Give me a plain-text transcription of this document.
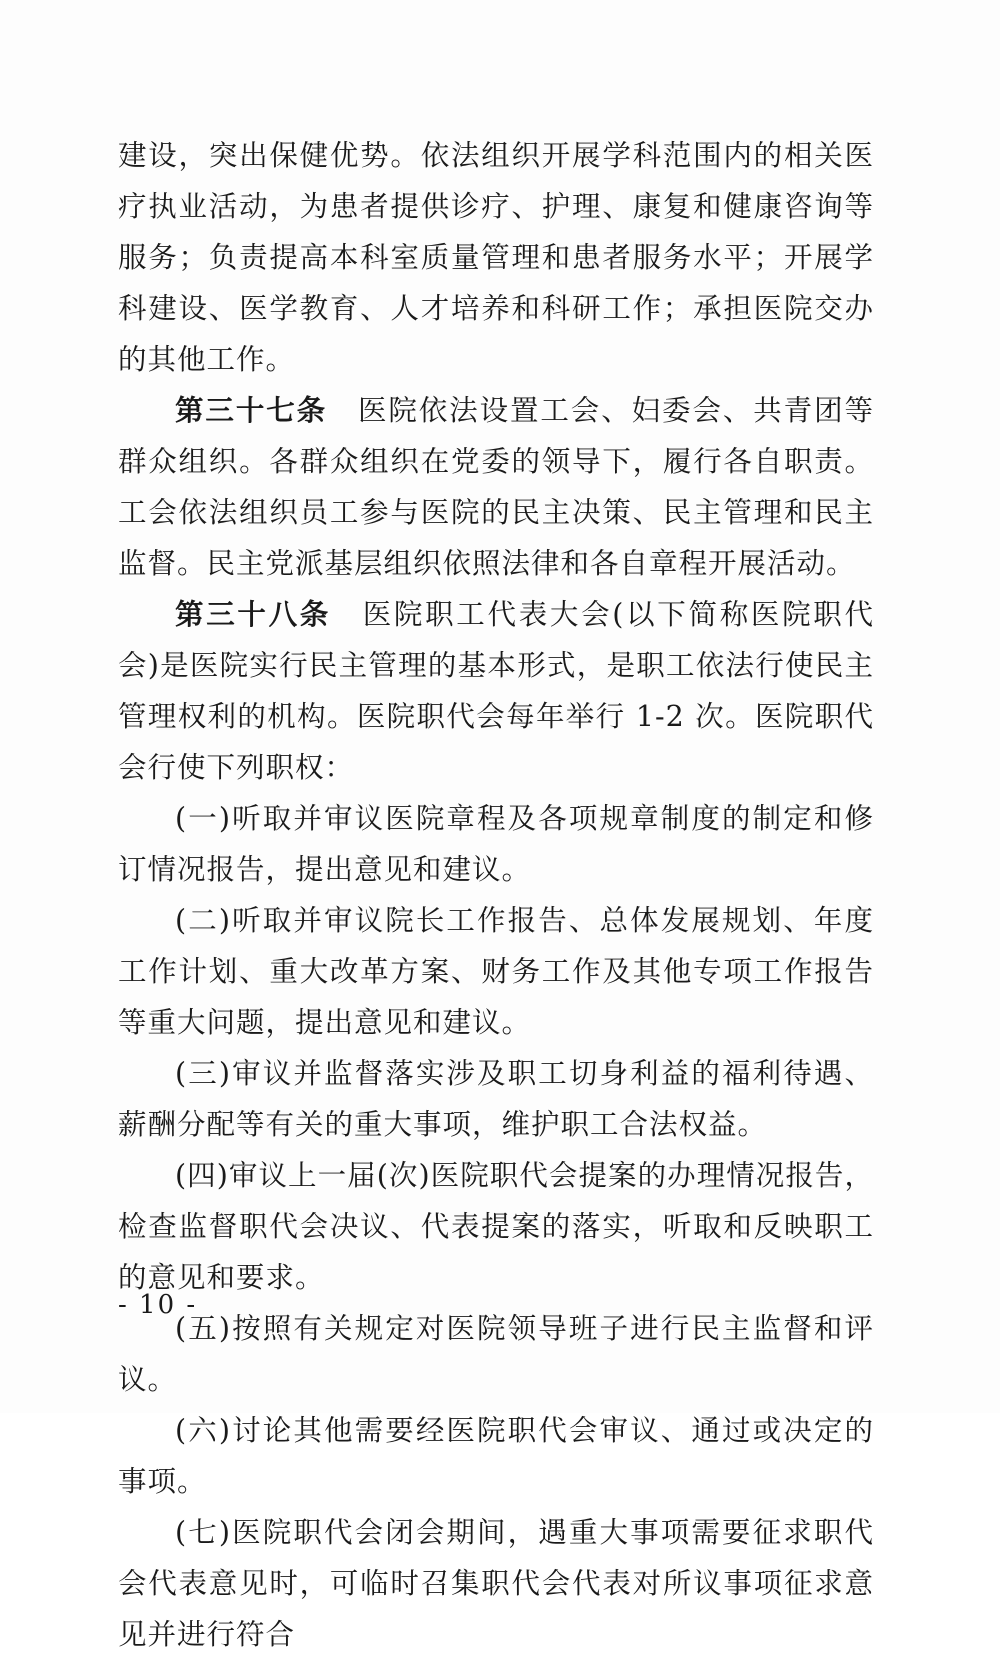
建设，突出保健优势。依法组织开展学科范围内的相关医疗执业活动，为患者提供诊疗、护理、康复和健康咨询等服务；负责提高本科室质量管理和患者服务水平；开展学科建设、医学教育、人才培养和科研工作；承担医院交办的其他工作。

第三十七条 医院依法设置工会、妇委会、共青团等群众组织。各群众组织在党委的领导下，履行各自职责。工会依法组织员工参与医院的民主决策、民主管理和民主监督。民主党派基层组织依照法律和各自章程开展活动。

第三十八条 医院职工代表大会(以下简称医院职代会)是医院实行民主管理的基本形式，是职工依法行使民主管理权利的机构。医院职代会每年举行 1-2 次。医院职代会行使下列职权：

(一)听取并审议医院章程及各项规章制度的制定和修订情况报告，提出意见和建议。

(二)听取并审议院长工作报告、总体发展规划、年度工作计划、重大改革方案、财务工作及其他专项工作报告等重大问题，提出意见和建议。

(三)审议并监督落实涉及职工切身利益的福利待遇、薪酬分配等有关的重大事项，维护职工合法权益。

(四)审议上一届(次)医院职代会提案的办理情况报告，检查监督职代会决议、代表提案的落实，听取和反映职工的意见和要求。

(五)按照有关规定对医院领导班子进行民主监督和评议。

(六)讨论其他需要经医院职代会审议、通过或决定的事项。

(七)医院职代会闭会期间，遇重大事项需要征求职代会代表意见时，可临时召集职代会代表对所议事项征求意见并进行符合

- 10 -
